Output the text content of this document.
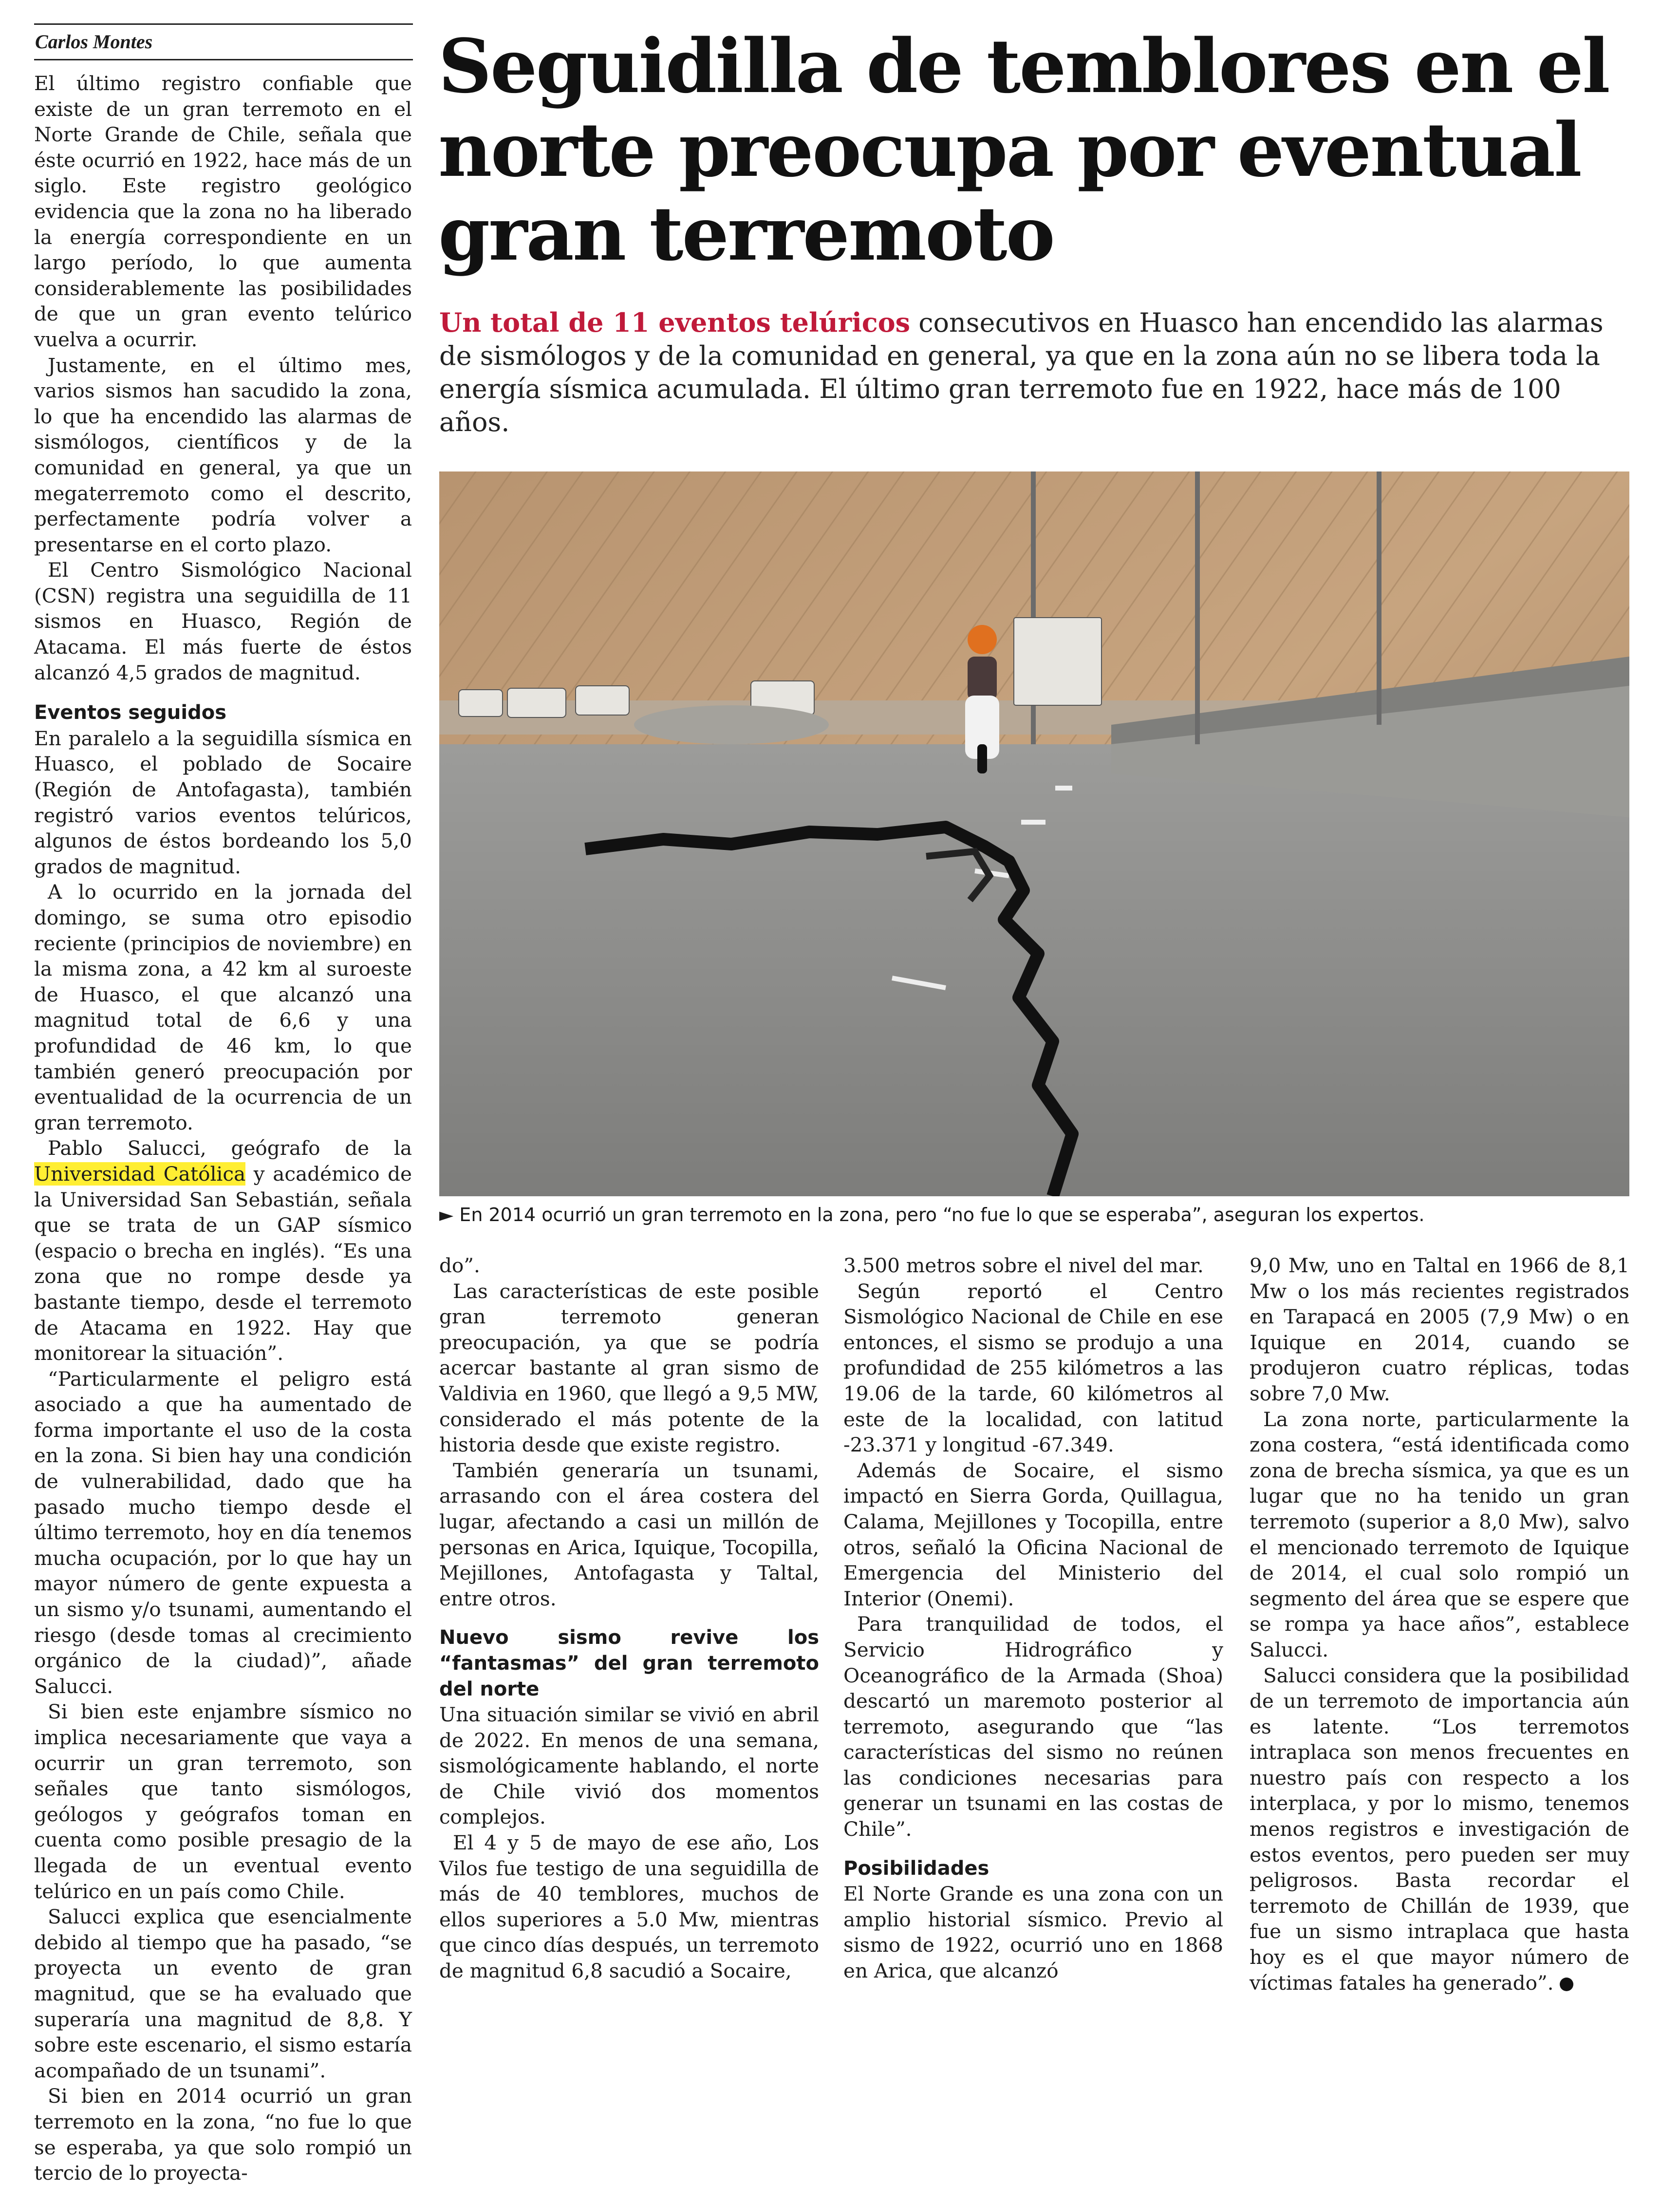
Carlos Montes	Seguidilla de temblores en el norte preocupa por eventual gran terremoto

Un total de 11 eventos telúricos consecutivos en Huasco han encendido las alarmas de sismólogos y de la comunidad en general, ya que en la zona aún no se libera toda la energía sísmica acumulada. El último gran terremoto fue en 1922, hace más de 100 años.

► En 2014 ocurrió un gran terremoto en la zona, pero “no fue lo que se esperaba”, aseguran los expertos.

El último registro confiable que existe de un gran terremoto en el Norte Grande de Chile, señala que éste ocurrió en 1922, hace más de un siglo. Este registro geológico evidencia que la zona no ha liberado la energía correspondiente en un largo período, lo que aumenta considerablemente las posibilidades de que un gran evento telúrico vuelva a ocurrir.

Justamente, en el último mes, varios sismos han sacudido la zona, lo que ha encendido las alarmas de sismólogos, científicos y de la comunidad en general, ya que un megaterremoto como el descrito, perfectamente podría volver a presentarse en el corto plazo.

El Centro Sismológico Nacional (CSN) registra una seguidilla de 11 sismos en Huasco, Región de Atacama. El más fuerte de éstos alcanzó 4,5 grados de magnitud.

Eventos seguidos

En paralelo a la seguidilla sísmica en Huasco, el poblado de Socaire (Región de Antofagasta), también registró varios eventos telúricos, algunos de éstos bordeando los 5,0 grados de magnitud.

A lo ocurrido en la jornada del domingo, se suma otro episodio reciente (principios de noviembre) en la misma zona, a 42 km al suroeste de Huasco, el que alcanzó una magnitud total de 6,6 y una profundidad de 46 km, lo que también generó preocupación por eventualidad de la ocurrencia de un gran terremoto.

Pablo Salucci, geógrafo de la Universidad Católica y académico de la Universidad San Sebastián, señala que se trata de un GAP sísmico (espacio o brecha en inglés). “Es una zona que no rompe desde ya bastante tiempo, desde el terremoto de Atacama en 1922. Hay que monitorear la situación”.

“Particularmente el peligro está asociado a que ha aumentado de forma importante el uso de la costa en la zona. Si bien hay una condición de vulnerabilidad, dado que ha pasado mucho tiempo desde el último terremoto, hoy en día tenemos mucha ocupación, por lo que hay un mayor número de gente expuesta a un sismo y/o tsunami, aumentando el riesgo (desde tomas al crecimiento orgánico de la ciudad)”, añade Salucci.

Si bien este enjambre sísmico no implica necesariamente que vaya a ocurrir un gran terremoto, son señales que tanto sismólogos, geólogos y geógrafos toman en cuenta como posible presagio de la llegada de un eventual evento telúrico en un país como Chile.

Salucci explica que esencialmente debido al tiempo que ha pasado, “se proyecta un evento de gran magnitud, que se ha evaluado que superaría una magnitud de 8,8. Y sobre este escenario, el sismo estaría acompañado de un tsunami”.

Si bien en 2014 ocurrió un gran terremoto en la zona, “no fue lo que se esperaba, ya que solo rompió un tercio de lo proyecta-

do”.

Las características de este posible gran terremoto generan preocupación, ya que se podría acercar bastante al gran sismo de Valdivia en 1960, que llegó a 9,5 MW, considerado el más potente de la historia desde que existe registro.

También generaría un tsunami, arrasando con el área costera del lugar, afectando a casi un millón de personas en Arica, Iquique, Tocopilla, Mejillones, Antofagasta y Taltal, entre otros.

Nuevo sismo revive los “fantasmas” del gran terremoto del norte

Una situación similar se vivió en abril de 2022. En menos de una semana, sismológicamente hablando, el norte de Chile vivió dos momentos complejos.

El 4 y 5 de mayo de ese año, Los Vilos fue testigo de una seguidilla de más de 40 temblores, muchos de ellos superiores a 5.0 Mw, mientras que cinco días después, un terremoto de magnitud 6,8 sacudió a Socaire,

3.500 metros sobre el nivel del mar.

Según reportó el Centro Sismológico Nacional de Chile en ese entonces, el sismo se produjo a una profundidad de 255 kilómetros a las 19.06 de la tarde, 60 kilómetros al este de la localidad, con latitud -23.371 y longitud -67.349.

Además de Socaire, el sismo impactó en Sierra Gorda, Quillagua, Calama, Mejillones y Tocopilla, entre otros, señaló la Oficina Nacional de Emergencia del Ministerio del Interior (Onemi).

Para tranquilidad de todos, el Servicio Hidrográfico y Oceanográfico de la Armada (Shoa) descartó un maremoto posterior al terremoto, asegurando que “las características del sismo no reúnen las condiciones necesarias para generar un tsunami en las costas de Chile”.

Posibilidades

El Norte Grande es una zona con un amplio historial sísmico. Previo al sismo de 1922, ocurrió uno en 1868 en Arica, que alcanzó

9,0 Mw, uno en Taltal en 1966 de 8,1 Mw o los más recientes registrados en Tarapacá en 2005 (7,9 Mw) o en Iquique en 2014, cuando se produjeron cuatro réplicas, todas sobre 7,0 Mw.

La zona norte, particularmente la zona costera, “está identificada como zona de brecha sísmica, ya que es un lugar que no ha tenido un gran terremoto (superior a 8,0 Mw), salvo el mencionado terremoto de Iquique de 2014, el cual solo rompió un segmento del área que se espere que se rompa ya hace años”, establece Salucci.

Salucci considera que la posibilidad de un terremoto de importancia aún es latente. “Los terremotos intraplaca son menos frecuentes en nuestro país con respecto a los interplaca, y por lo mismo, tenemos menos registros e investigación de estos eventos, pero pueden ser muy peligrosos. Basta recordar el terremoto de Chillán de 1939, que fue un sismo intraplaca que hasta hoy es el que mayor número de víctimas fatales ha generado”.
